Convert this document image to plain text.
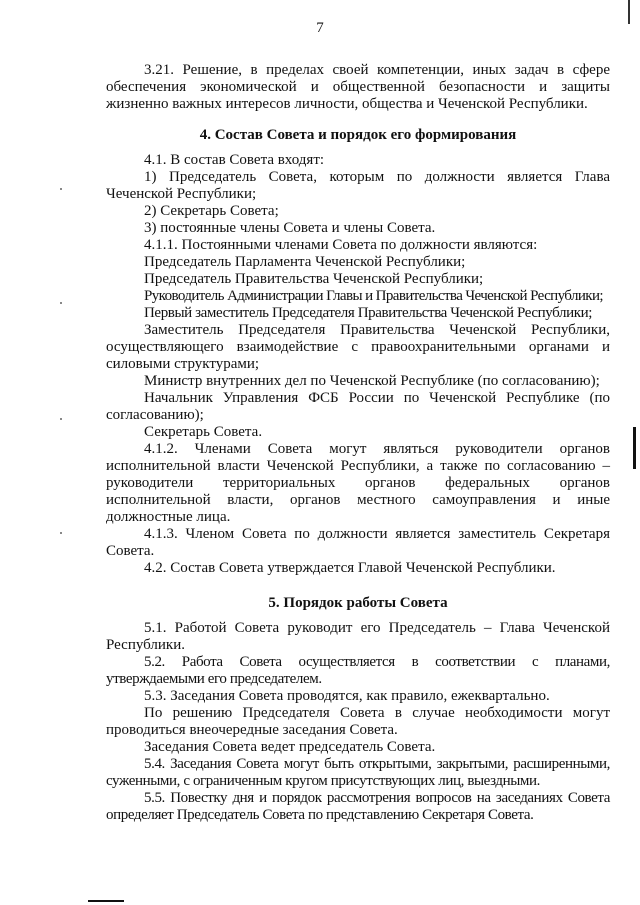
7

3.21. Решение, в пределах своей компетенции, иных задач в сфере обеспечения экономической и общественной безопасности и защиты жизненно важных интересов личности, общества и Чеченской Республики.

4. Состав Совета и порядок его формирования

4.1. В состав Совета входят:

1) Председатель Совета, которым по должности является Глава Чеченской Республики;

2) Секретарь Совета;

3) постоянные члены Совета и члены Совета.

4.1.1. Постоянными членами Совета по должности являются:

Председатель Парламента Чеченской Республики;

Председатель Правительства Чеченской Республики;

Руководитель Администрации Главы и Правительства Чеченской Республики;

Первый заместитель Председателя Правительства Чеченской Республики;

Заместитель Председателя Правительства Чеченской Республики, осуществляющего взаимодействие с правоохранительными органами и силовыми структурами;

Министр внутренних дел по Чеченской Республике (по согласованию);

Начальник Управления ФСБ России по Чеченской Республике (по согласованию);

Секретарь Совета.

4.1.2. Членами Совета могут являться руководители органов исполнительной власти Чеченской Республики, а также по согласованию – руководители территориальных органов федеральных органов исполнительной власти, органов местного самоуправления и иные должностные лица.

4.1.3. Членом Совета по должности является заместитель Секретаря Совета.

4.2. Состав Совета утверждается Главой Чеченской Республики.

5. Порядок работы Совета

5.1. Работой Совета руководит его Председатель – Глава Чеченской Республики.

5.2. Работа Совета осуществляется в соответствии с планами, утверждаемыми его председателем.

5.3. Заседания Совета проводятся, как правило, ежеквартально.

По решению Председателя Совета в случае необходимости могут проводиться внеочередные заседания Совета.

Заседания Совета ведет председатель Совета.

5.4. Заседания Совета могут быть открытыми, закрытыми, расширенными, суженными, с ограниченным кругом присутствующих лиц, выездными.

5.5. Повестку дня и порядок рассмотрения вопросов на заседаниях Совета определяет Председатель Совета по представлению Секретаря Совета.
